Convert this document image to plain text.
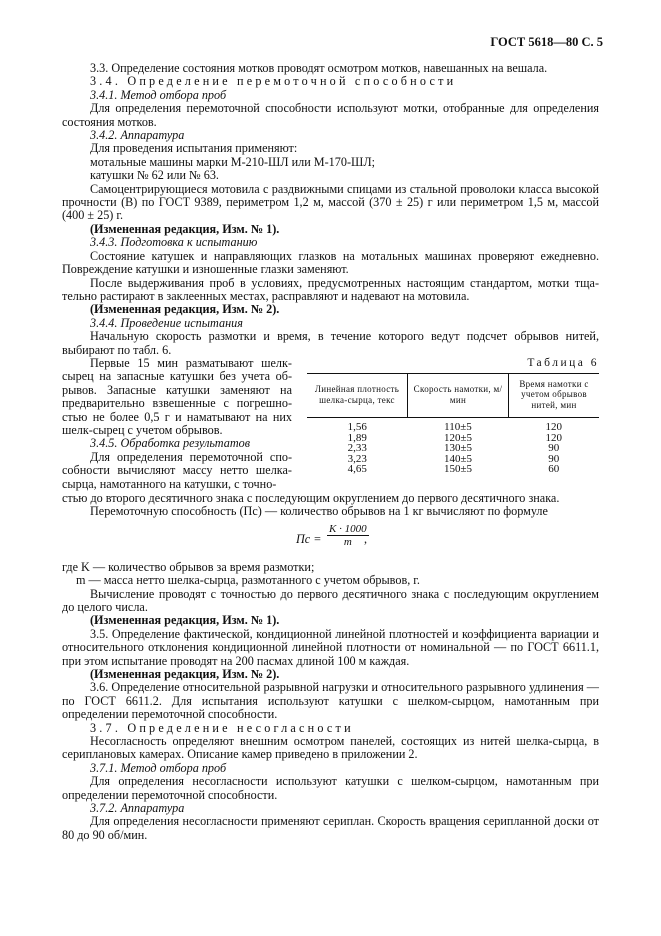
ГОСТ 5618—80 С. 5

3.3. Определение состояния мотков проводят осмотром мотков, навешанных на вешала.

3.4. Определение перемоточной способности

3.4.1. Метод отбора проб

Для определения перемоточной способности используют мотки, отобранные для определения состояния мотков.

3.4.2. Аппаратура

Для проведения испытания применяют:

мотальные машины марки М-210-ШЛ или М-170-ШЛ;

катушки № 62 или № 63.

Самоцентрирующиеся мотовила с раздвижными спицами из стальной проволоки класса высокой прочности (В) по ГОСТ 9389, периметром 1,2 м, массой (370 ± 25) г или периметром 1,5 м, массой (400 ± 25) г.

(Измененная редакция, Изм. № 1).

3.4.3. Подготовка к испытанию

Состояние катушек и направляющих глазков на мотальных машинах проверяют ежедневно. Повреждение катушки и изношенные глазки заменяют.

После выдерживания проб в условиях, предусмотренных настоящим стандартом, мотки тщательно растирают в заклеенных местах, расправляют и надевают на мотовила.

(Измененная редакция, Изм. № 2).

3.4.4. Проведение испытания

Начальную скорость размотки и время, в течение которого ведут подсчет обрывов нитей, выбирают по табл. 6.

Первые 15 мин разматывают шелк-сырец на запасные катушки без учета обрывов. Запасные катушки заменяют на предварительно взвешенные с погрешностью не более 0,5 г и наматывают на них шелк-сырец с учетом обрывов.

3.4.5. Обработка результатов

Для определения перемоточной способности вычисляют массу нетто шелка-сырца, намотанного на катушки, с точно-

Таблица 6
Линейная плотность шелка-сырца, текс	Скорость намотки, м/мин	Время намотки с учетом обрывов нитей, мин
1,56	110±5	120
1,89	120±5	120
2,33	130±5	90
3,23	140±5	90
4,65	150±5	60

стью до второго десятичного знака с последующим округлением до первого десятичного знака.

Перемоточную способность (Пс) — количество обрывов на 1 кг вычисляют по формуле

Пс = $\frac{K \cdot 1000}{m}$
,

где K — количество обрывов за время размотки;

m — масса нетто шелка-сырца, размотанного с учетом обрывов, г.

Вычисление проводят с точностью до первого десятичного знака с последующим округлением до целого числа.

(Измененная редакция, Изм. № 1).

3.5. Определение фактической, кондиционной линейной плотностей и коэффициента вариации и относительного отклонения кондиционной линейной плотности от номинальной — по ГОСТ 6611.1, при этом испытание проводят на 200 пасмах длиной 100 м каждая.

(Измененная редакция, Изм. № 2).

3.6. Определение относительной разрывной нагрузки и относительного разрывного удлинения — по ГОСТ 6611.2. Для испытания используют катушки с шелком-сырцом, намотанным при определении перемоточной способности.

3.7. Определение несогласности

Несогласность определяют внешним осмотром панелей, состоящих из нитей шелка-сырца, в сериплановых камерах. Описание камер приведено в приложении 2.

3.7.1. Метод отбора проб

Для определения несогласности используют катушки с шелком-сырцом, намотанным при определении перемоточной способности.

3.7.2. Аппаратура

Для определения несогласности применяют сериплан. Скорость вращения серипланной доски от 80 до 90 об/мин.
